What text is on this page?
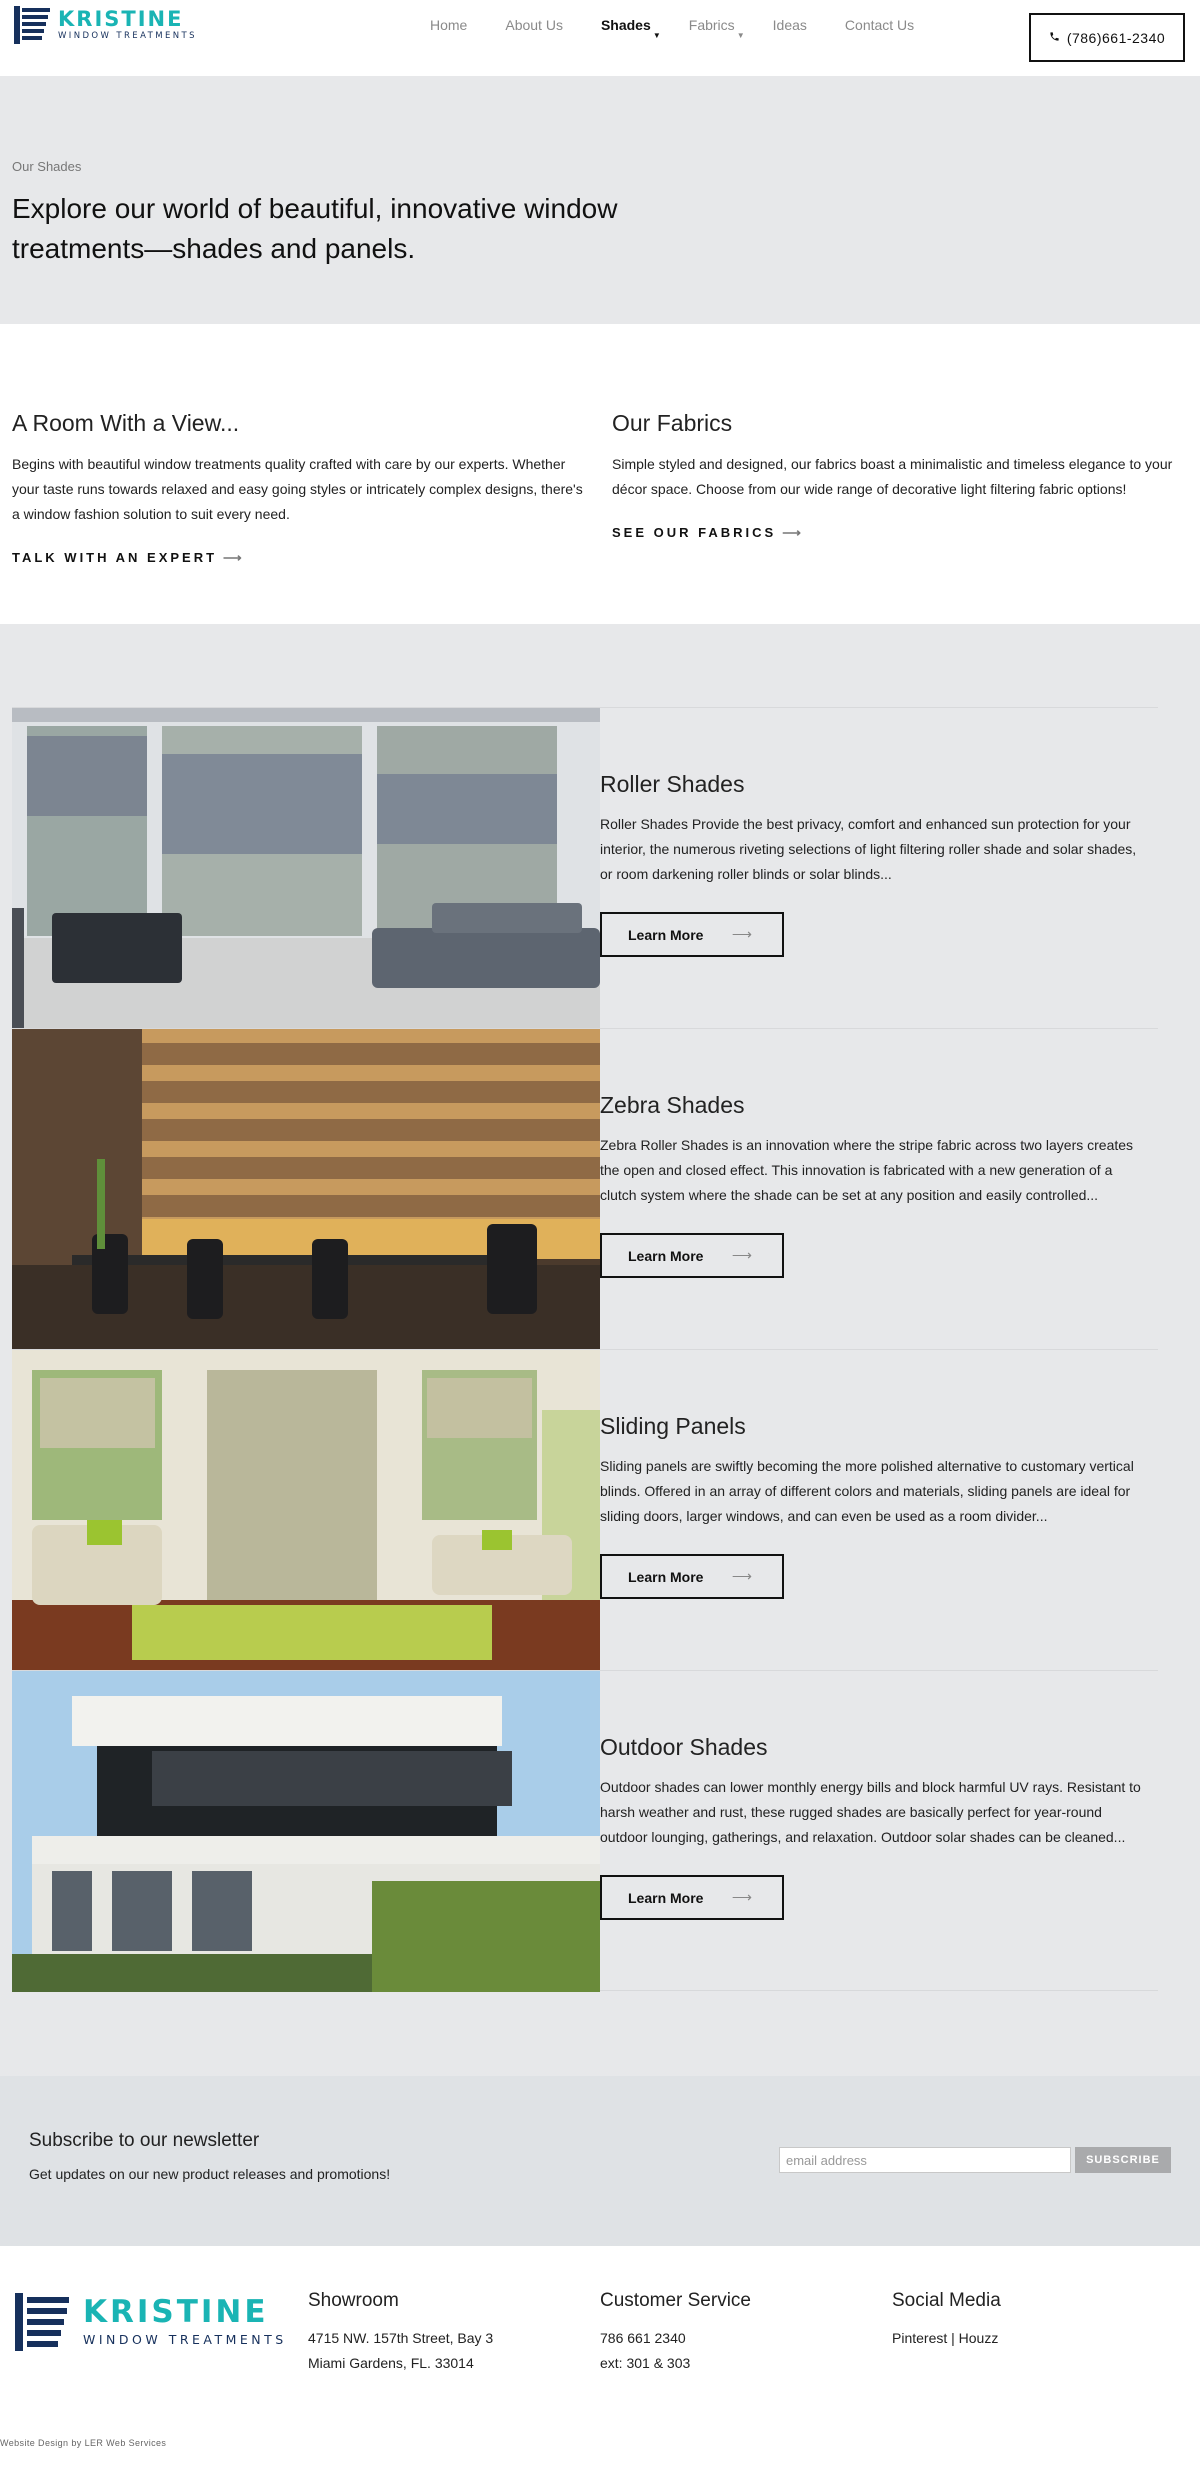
KRISTINE
WINDOW TREATMENTS
Home	About Us	Shades
▼
Fabrics
▼
Ideas	Contact Us
(786)661-2340
Our Shades
Explore our world of beautiful, innovative window treatments—shades and panels.
A Room With a View...

Begins with beautiful window treatments quality crafted with care by our experts. Whether your taste runs towards relaxed and easy going styles or intricately complex designs, there's a window fashion solution to suit every need.

TALK WITH AN EXPERT ⟶
Our Fabrics

Simple styled and designed, our fabrics boast a minimalistic and timeless elegance to your décor space. Choose from our wide range of decorative light filtering fabric options!

SEE OUR FABRICS ⟶
Roller Shades

Roller Shades Provide the best privacy, comfort and enhanced sun protection for your interior, the numerous riveting selections of light filtering roller shade and solar shades, or room darkening roller blinds or solar blinds...

Learn More ⟶
Zebra Shades

Zebra Roller Shades is an innovation where the stripe fabric across two layers creates the open and closed effect. This innovation is fabricated with a new generation of a clutch system where the shade can be set at any position and easily controlled...

Learn More ⟶
Sliding Panels

Sliding panels are swiftly becoming the more polished alternative to customary vertical blinds. Offered in an array of different colors and materials, sliding panels are ideal for sliding doors, larger windows, and can even be used as a room divider...

Learn More ⟶
Outdoor Shades

Outdoor shades can lower monthly energy bills and block harmful UV rays. Resistant to harsh weather and rust, these rugged shades are basically perfect for year-round outdoor lounging, gatherings, and relaxation. Outdoor solar shades can be cleaned...

Learn More ⟶
Subscribe to our newsletter
Get updates on our new product releases and promotions!
email address
SUBSCRIBE
KRISTINE
WINDOW TREATMENTS
Showroom
4715 NW. 157th Street, Bay 3
Miami Gardens, FL. 33014
Customer Service
786 661 2340
ext: 301 & 303
Social Media
Pinterest | Houzz
Website Design by LER Web Services
